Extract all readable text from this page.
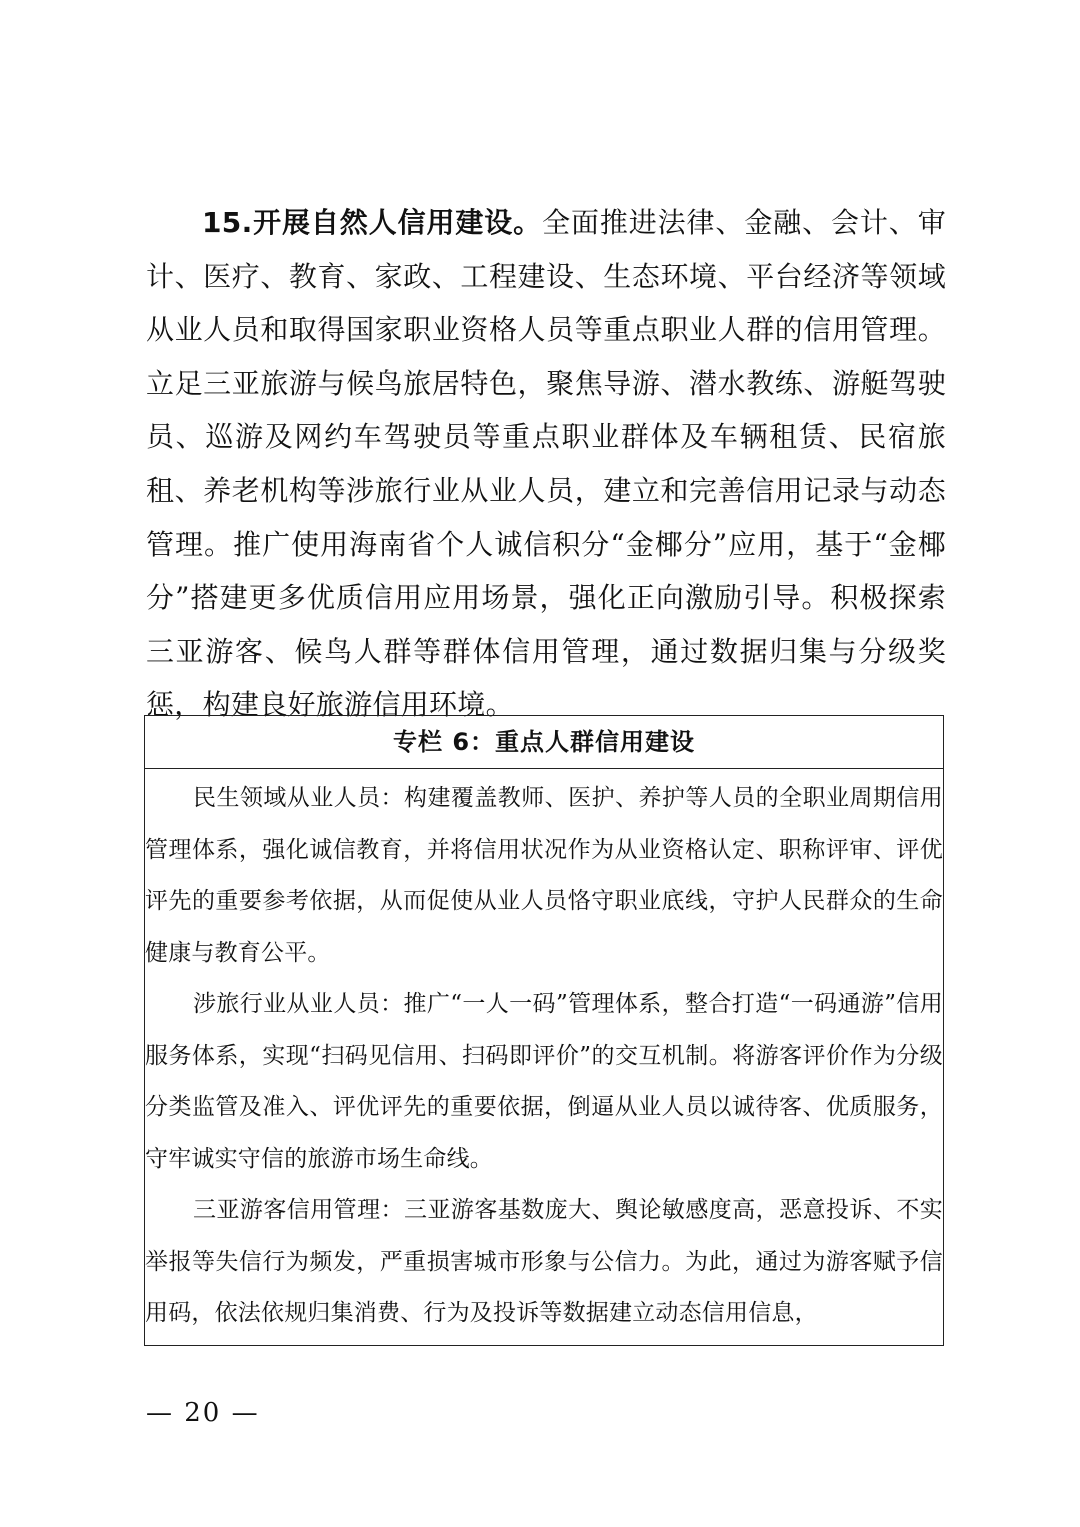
15.开展自然人信用建设。全面推进法律、金融、会计、审计、医疗、教育、家政、工程建设、生态环境、平台经济等领域从业人员和取得国家职业资格人员等重点职业人群的信用管理。立足三亚旅游与候鸟旅居特色，聚焦导游、潜水教练、游艇驾驶员、巡游及网约车驾驶员等重点职业群体及车辆租赁、民宿旅租、养老机构等涉旅行业从业人员，建立和完善信用记录与动态管理。推广使用海南省个人诚信积分“金椰分”应用，基于“金椰分”搭建更多优质信用应用场景，强化正向激励引导。积极探索三亚游客、候鸟人群等群体信用管理，通过数据归集与分级奖惩，构建良好旅游信用环境。

专栏 6：重点人群信用建设

民生领域从业人员：构建覆盖教师、医护、养护等人员的全职业周期信用管理体系，强化诚信教育，并将信用状况作为从业资格认定、职称评审、评优评先的重要参考依据，从而促使从业人员恪守职业底线，守护人民群众的生命健康与教育公平。

涉旅行业从业人员：推广“一人一码”管理体系，整合打造“一码通游”信用服务体系，实现“扫码见信用、扫码即评价”的交互机制。将游客评价作为分级分类监管及准入、评优评先的重要依据，倒逼从业人员以诚待客、优质服务，守牢诚实守信的旅游市场生命线。

三亚游客信用管理：三亚游客基数庞大、舆论敏感度高，恶意投诉、不实举报等失信行为频发，严重损害城市形象与公信力。为此，通过为游客赋予信用码，依法依规归集消费、行为及投诉等数据建立动态信用信息，

— 20 —
